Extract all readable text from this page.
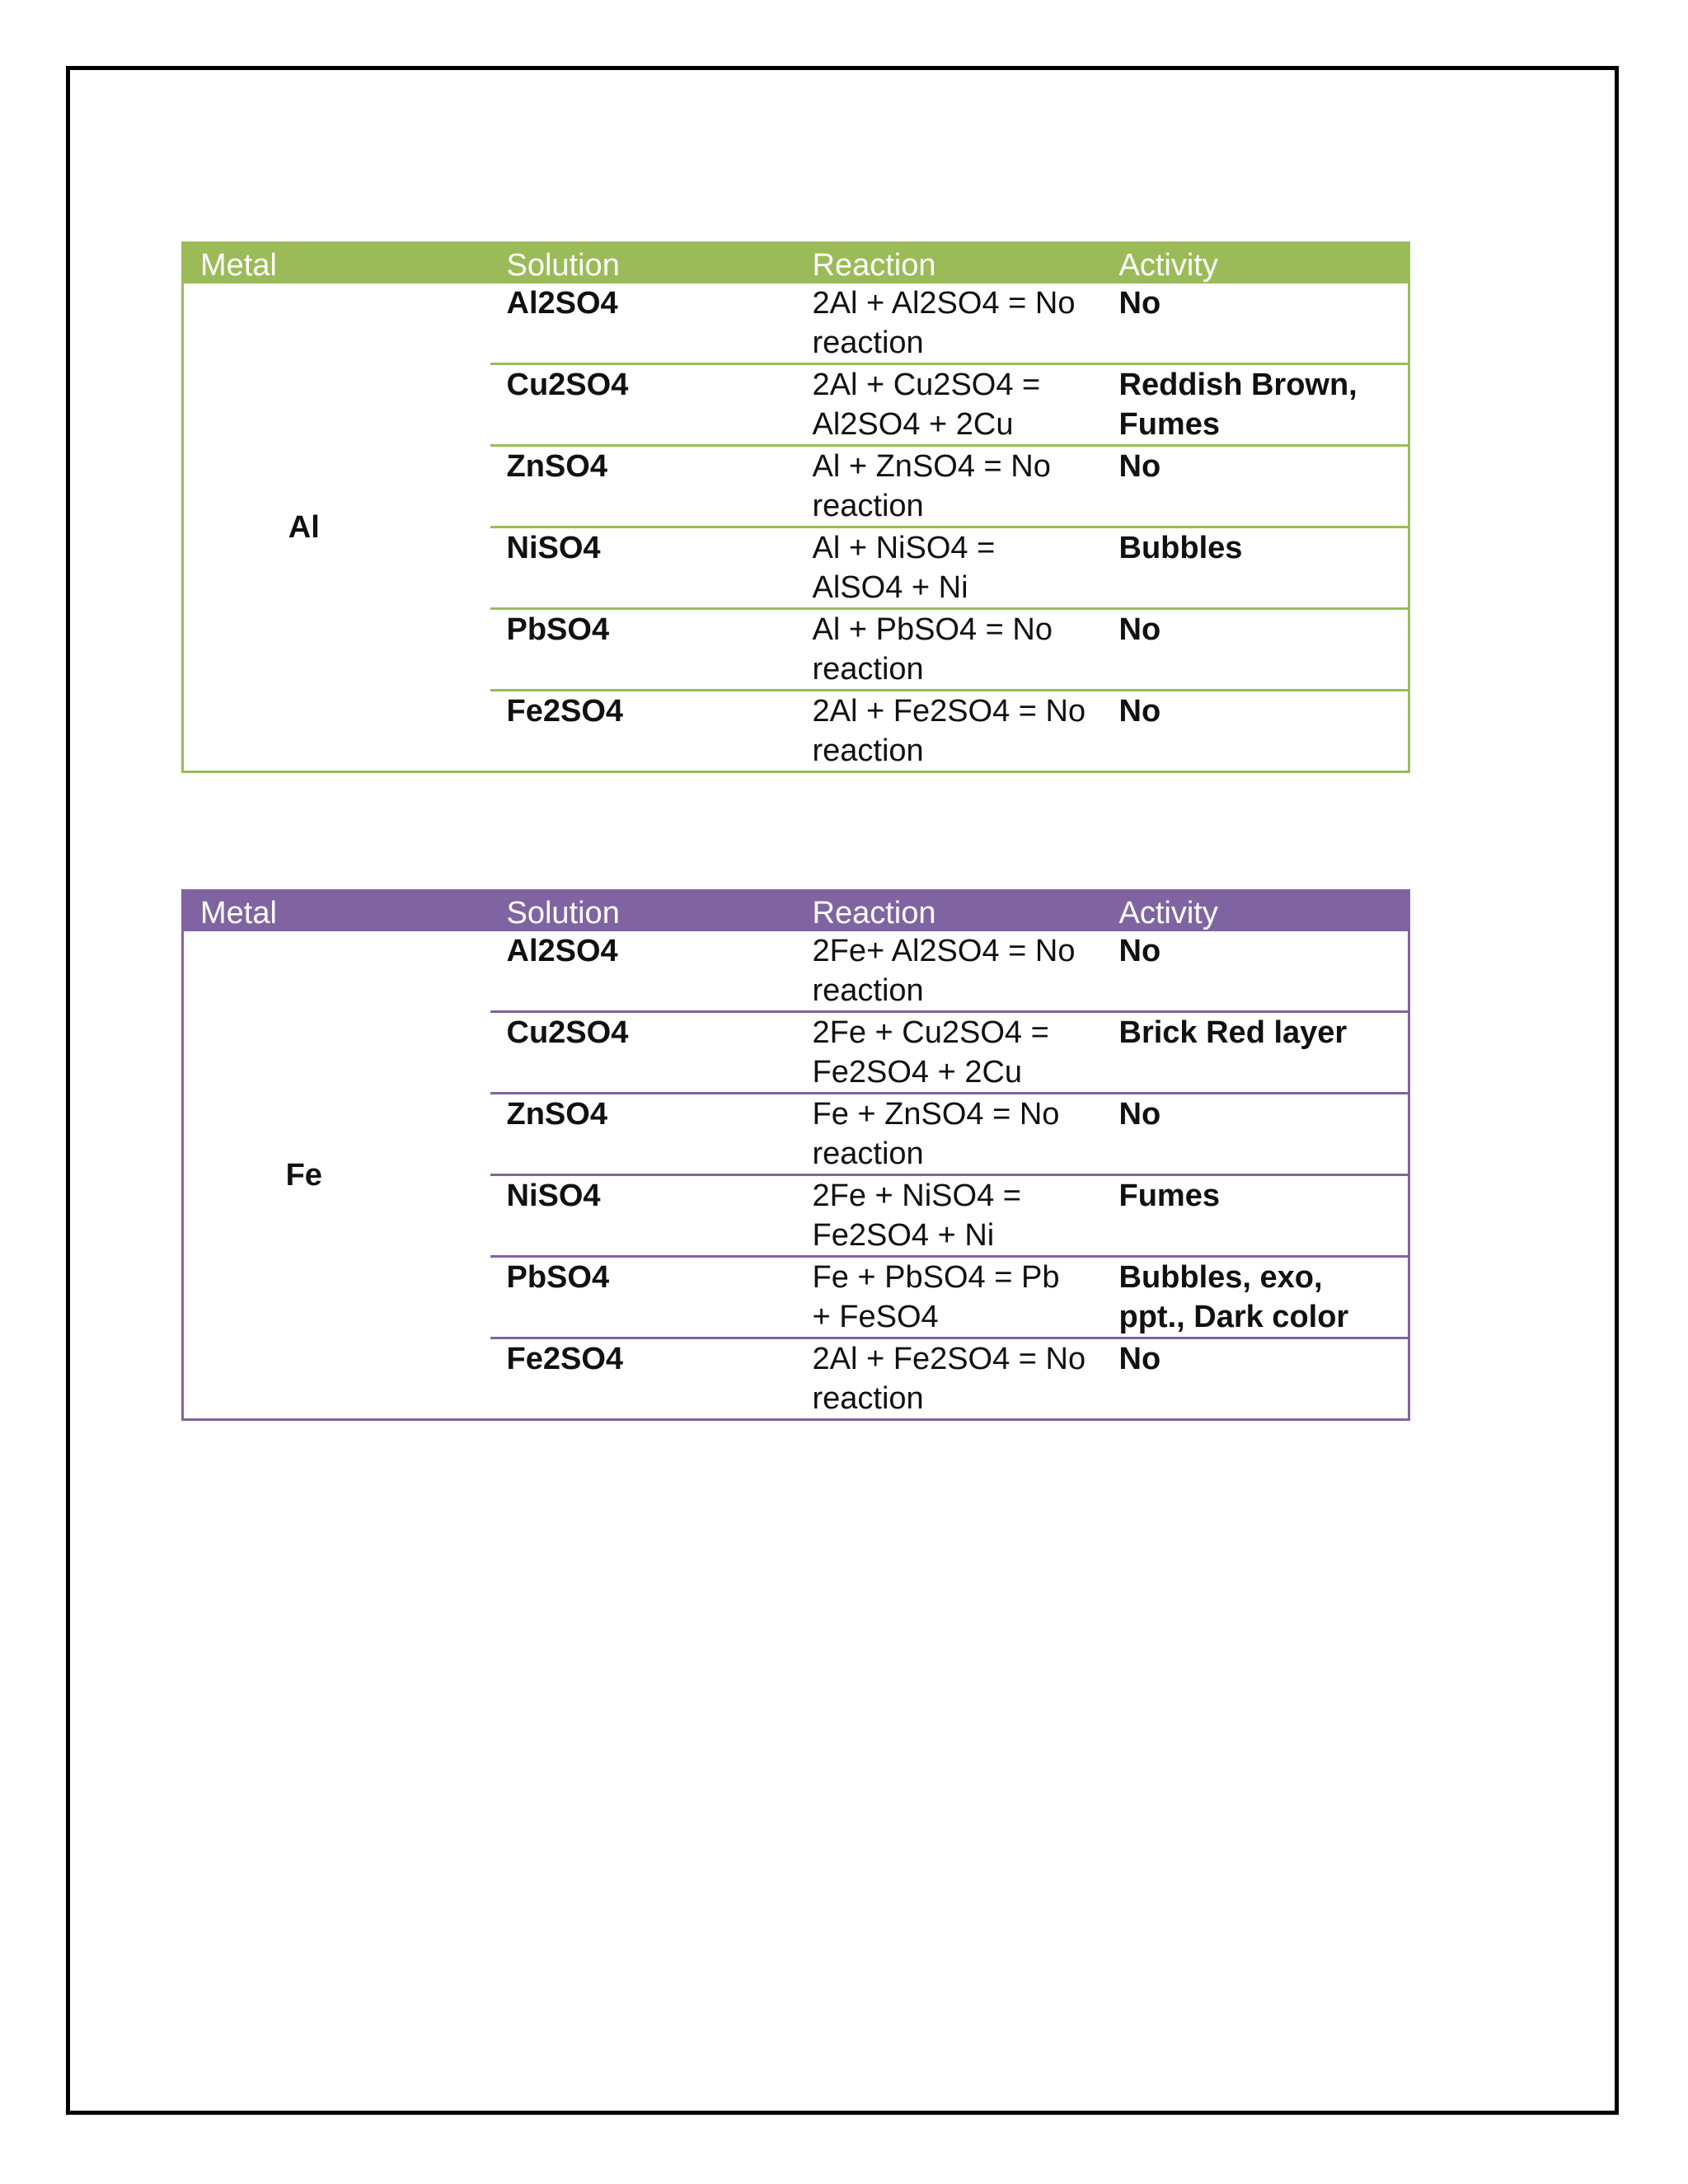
Metal	Solution	Reaction	Activity
Al	Al2SO4	2Al + Al2SO4 = No reaction	No
	Cu2SO4	2Al + Cu2SO4 = Al2SO4 + 2Cu	Reddish Brown, Fumes
	ZnSO4	Al + ZnSO4 = No reaction	No
	NiSO4	Al + NiSO4 = AlSO4 + Ni	Bubbles
	PbSO4	Al + PbSO4 = No reaction	No
	Fe2SO4	2Al + Fe2SO4 = No reaction	No
Metal	Solution	Reaction	Activity
Fe	Al2SO4	2Fe+ Al2SO4 = No reaction	No
	Cu2SO4	2Fe + Cu2SO4 = Fe2SO4 + 2Cu	Brick Red layer
	ZnSO4	Fe + ZnSO4 = No reaction	No
	NiSO4	2Fe + NiSO4 = Fe2SO4 + Ni	Fumes
	PbSO4	Fe + PbSO4 = Pb + FeSO4	Bubbles, exo, ppt., Dark color
	Fe2SO4	2Al + Fe2SO4 = No reaction	No
